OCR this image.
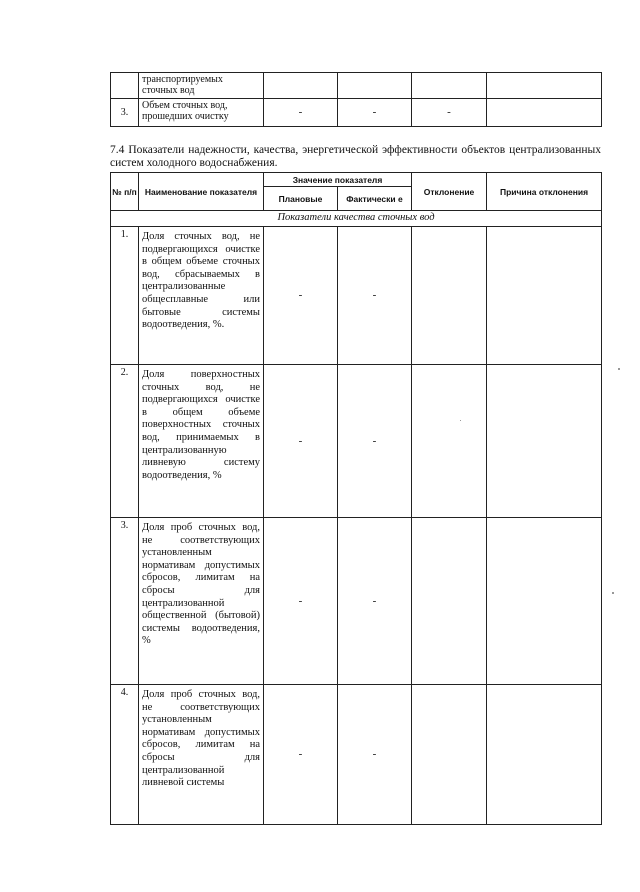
	транспортируемых сточных вод				
3.	Объем сточных вод, прошедших очистку	-	-	-	
7.4 Показатели надежности, качества, энергетической эффективности объектов централизованных систем холодного водоснабжения.
№ п/п	Наименование показателя	Значение показателя		Отклонение	Причина отклонения
		Плановые	Фактически е		
Показатели качества сточных вод					
1.	Доля сточных вод, не подвергающихся очистке в общем объеме сточных вод, сбрасываемых в централизованные общесплавные или бытовые системы водоотведения, %.	-	-		
2.	Доля поверхностных сточных вод, не подвергающихся очистке в общем объеме поверхностных сточных вод, принимаемых в централизованную ливневую систему водоотведения, %	-	-		
3.	Доля проб сточных вод, не соответствующих установленным нормативам допустимых сбросов, лимитам на сбросы для централизованной общественной (бытовой) системы водоотведения, %	-	-		
4.	Доля проб сточных вод, не соответствующих установленным нормативам допустимых сбросов, лимитам на сбросы для централизованной ливневой системы	-	-		
